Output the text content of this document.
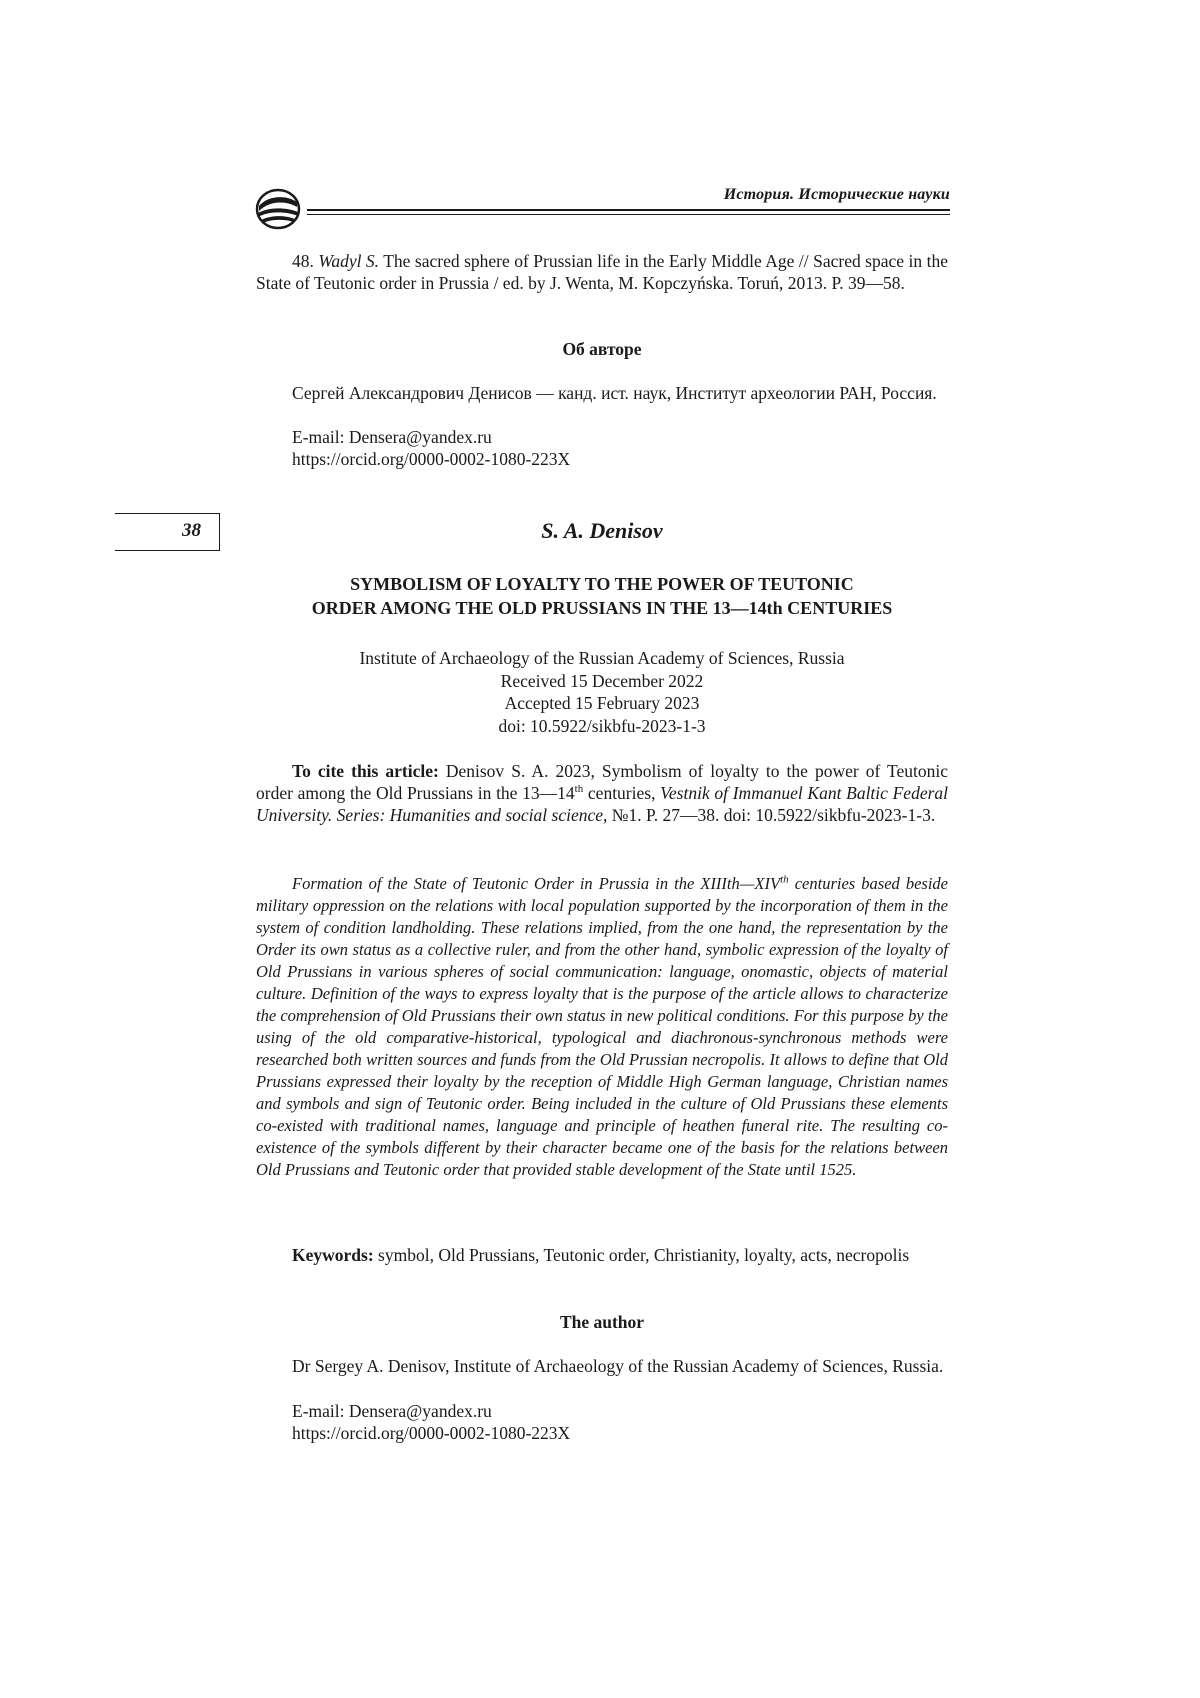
История. Исторические науки
48. Wadyl S. The sacred sphere of Prussian life in the Early Middle Age // Sacred space in the State of Teutonic order in Prussia / ed. by J. Wenta, M. Kopczyńska. Toruń, 2013. P. 39—58.
Об авторе
Сергей Александрович Денисов — канд. ист. наук, Институт археологии РАН, Россия.
E-mail: Densera@yandex.ru
https://orcid.org/0000-0002-1080-223X
38	S. A. Denisov
SYMBOLISM OF LOYALTY TO THE POWER OF TEUTONIC
ORDER AMONG THE OLD PRUSSIANS IN THE 13—14th CENTURIES
Institute of Archaeology of the Russian Academy of Sciences, Russia
Received 15 December 2022
Accepted 15 February 2023
doi: 10.5922/sikbfu-2023-1-3
To cite this article: Denisov S. A. 2023, Symbolism of loyalty to the power of Teutonic order among the Old Prussians in the 13—14th centuries, Vestnik of Immanuel Kant Baltic Federal University. Series: Humanities and social science, №1. P. 27—38. doi: 10.5922/sikbfu-2023-1-3.
Formation of the State of Teutonic Order in Prussia in the XIIIth—XIVth centuries based beside military oppression on the relations with local population supported by the incorporation of them in the system of condition landholding. These relations implied, from the one hand, the representation by the Order its own status as a collective ruler, and from the other hand, symbolic expression of the loyalty of Old Prussians in various spheres of social communication: language, onomastic, objects of material culture. Definition of the ways to express loyalty that is the purpose of the article allows to characterize the comprehension of Old Prussians their own status in new political conditions. For this purpose by the using of the old comparative-historical, typological and diachronous-synchronous methods were researched both written sources and funds from the Old Prussian necropolis. It allows to define that Old Prussians expressed their loyalty by the reception of Middle High German language, Christian names and symbols and sign of Teutonic order. Being included in the culture of Old Prussians these elements co-existed with traditional names, language and principle of heathen funeral rite. The resulting co-existence of the symbols different by their character became one of the basis for the relations between Old Prussians and Teutonic order that provided stable development of the State until 1525.
Keywords: symbol, Old Prussians, Teutonic order, Christianity, loyalty, acts, necropolis
The author
Dr Sergey A. Denisov, Institute of Archaeology of the Russian Academy of Sciences, Russia.
E-mail: Densera@yandex.ru
https://orcid.org/0000-0002-1080-223X
